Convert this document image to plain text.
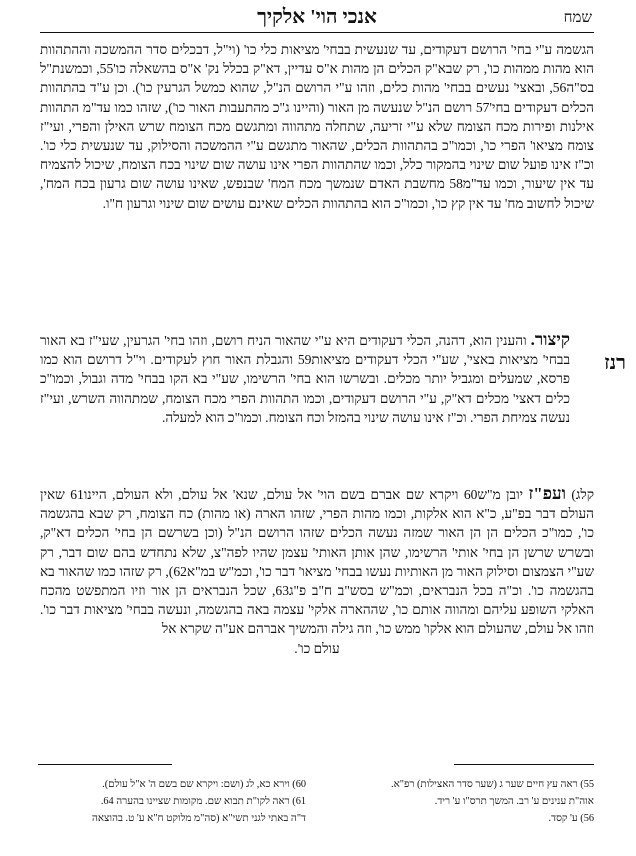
אנכי הוי' אלקיך	שמח
הגשמה ע"י בחי' הרושם דעקודים, עד שנעשית בבחי' מציאות כלי כו' (וי"ל, דבכלים סדר ההמשכה וההתהוות הוא מהות ממהות כו', רק שבא"ק הכלים הן מהות א"ס עדיין, דא"ק בכלל נק' א"ס בהשאלה כו'55, וכמשנת"ל בס"ה56, ובאצי' נעשים בבחי' מהות כלים, וזהו ע"י הרושם הנ"ל, שהוא כמשל הגרעין כו'). וכן ע"ד בהתהוות הכלים דעקודים בחי'57 רושם הנ"ל שנעשה מן האור (והיינו ג"כ מהתעבות האור כו'), שזהו כמו עד"מ התהוות אילנות ופירות מכח הצומח שלא ע"י זריעה, שתחלה מתהווה ומתגשם מכח הצומח שרש האילן והפרי, ועי"ז צומח מציאו' הפרי כו', וכמו"כ בהתהוות הכלים, שהאור מתגשם ע"י ההמשכה והסילוק, עד שנעשית כלי כו'. וכ"ז אינו פועל שום שינוי בהמקור כלל, וכמו שהתהוות הפרי אינו עושה שום שינוי בכח הצומח, שיכול להצמיח עד אין שיעור, וכמו עד"מ58 מחשבת האדם שנמשך מכח המח' שבנפש, שאינו עושה שום גרעון בכח המח', שיכול לחשוב מח' עד אין קץ כו', וכמו"כ הוא בהתהוות הכלים שאינם עושים שום שינוי וגרעון ח"ו.
רנז
קיצור. והענין הוא, דהנה, הכלי דעקודים היא ע"י שהאור הניח רושם, וזהו בחי' הגרעין, שעי"ז בא האור בבחי' מציאות באצי', שע"י הכלי דעקודים מציאות59 והגבלת האור חוץ לעקודים. וי"ל דרושם הוא כמו פרסא, שמעלים ומגביל יותר מכלים. ובשרשו הוא בחי' הרשימו, שע"י בא הקו בבחי' מדה וגבול, וכמו"כ כלים דאצי' מכלים דא"ק, ע"י הרושם דעקודים, וכמו התהוות הפרי מכח הצומח, שמתהווה השרש, ועי"ז נעשה צמיחת הפרי. וכ"ז אינו עושה שינוי בהמזל וכח הצומח. וכמו"כ הוא למעלה.
קלג) ועפ"ז יובן מ"ש60 ויקרא שם אברם בשם הוי' אל עולם, שנא' אל עולם, ולא העולם, היינו61 שאין העולם דבר בפ"ע, כ"א הוא אלקות, וכמו מהות הפרי, שזהו הארה (או מהות) כח הצומח, רק שבא בהגשמה כו', כמו"כ הכלים הן הן האור שמזה נעשה הכלים שזהו הרושם הנ"ל (וכן בשרשם הן בחי' הכלים דא"ק, ובשרש שרשן הן בחי' אותי' הרשימו, שהן אותן האותי' עצמן שהיו לפה"צ, שלא נתחדש בהם שום דבר, רק שע"י הצמצום וסילוק האור מן האותיות נעשו בבחי' מציאו' דבר כו', וכמ"ש במ"א62), רק שזהו כמו שהאור בא בהגשמה כו'. וכ"ה בכל הנבראים, וכמ"ש בסש"ב ח"ב פ"ג63, שכל הנבראים הן אור וזיו המתפשט מהכח האלקי השופע עליהם ומהווה אותם כו', שההארה אלקי' עצמה באה בהגשמה, ונעשה בבחי' מציאות דבר כו'. וזהו אל עולם, שהעולם הוא אלקו' ממש כו', וזה גילה והמשיך אברהם אע"ה שקרא אל
עולם כו'.
55) ראה עץ חיים שער ג (שער סדר האצילות) רפ"א.
אוה"ת ענינים ע' רב. המשך תרס"ו ע' ריד.
56) ע' קסד.
60) וירא כא, לג (ושם: ויקרא שם בשם ה' א"ל עולם).
61) ראה לקו"ת תבוא שם. מקומות שציינו בהערה 64.
ד"ה באתי לגני תשי"א (סה"מ מלוקט ח"א ע' ט. בהוצאה
